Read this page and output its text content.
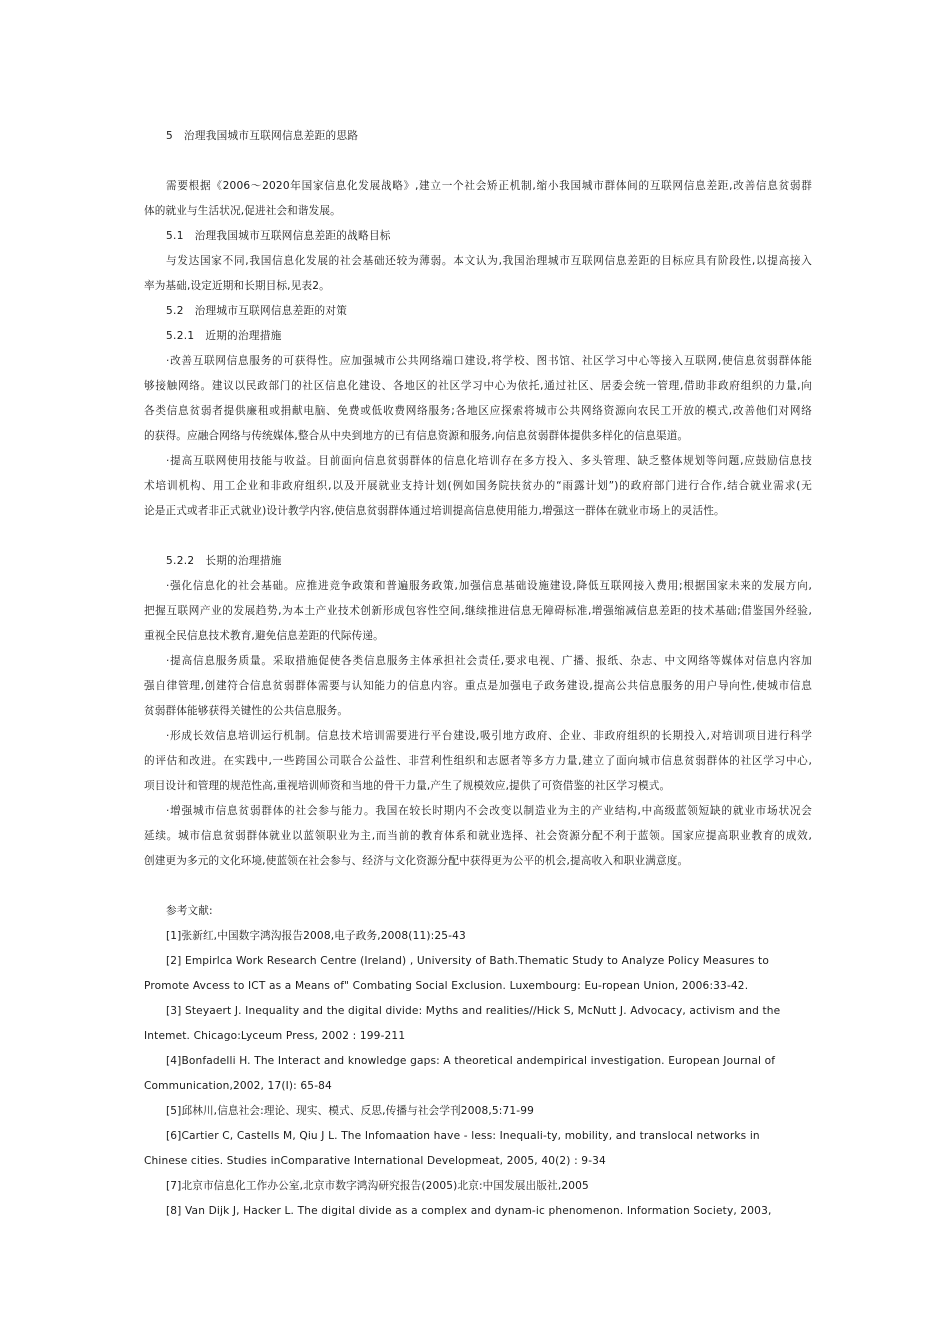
5　治理我国城市互联网信息差距的思路
需要根据《2006～2020年国家信息化发展战略》,建立一个社会矫正机制,缩小我国城市群体间的互联网信息差距,改善信息贫弱群
体的就业与生活状况,促进社会和谐发展。
5.1　治理我国城市互联网信息差距的战略目标
与发达国家不同,我国信息化发展的社会基础还较为薄弱。本文认为,我国治理城市互联网信息差距的目标应具有阶段性,以提高接入
率为基础,设定近期和长期目标,见表2。
5.2　治理城市互联网信息差距的对策
5.2.1　近期的治理措施
·改善互联网信息服务的可获得性。应加强城市公共网络端口建设,将学校、图书馆、社区学习中心等接入互联网,使信息贫弱群体能
够接触网络。建议以民政部门的社区信息化建设、各地区的社区学习中心为依托,通过社区、居委会统一管理,借助非政府组织的力量,向
各类信息贫弱者提供廉租或捐献电脑、免费或低收费网络服务;各地区应探索将城市公共网络资源向农民工开放的模式,改善他们对网络
的获得。应融合网络与传统媒体,整合从中央到地方的已有信息资源和服务,向信息贫弱群体提供多样化的信息渠道。
·提高互联网使用技能与收益。目前面向信息贫弱群体的信息化培训存在多方投入、多头管理、缺乏整体规划等问题,应鼓励信息技
术培训机构、用工企业和非政府组织,以及开展就业支持计划(例如国务院扶贫办的“雨露计划”)的政府部门进行合作,结合就业需求(无
论是正式或者非正式就业)设计教学内容,使信息贫弱群体通过培训提高信息使用能力,增强这一群体在就业市场上的灵活性。
5.2.2　长期的治理措施
·强化信息化的社会基础。应推进竞争政策和普遍服务政策,加强信息基础设施建设,降低互联网接入费用;根据国家未来的发展方向,
把握互联网产业的发展趋势,为本土产业技术创新形成包容性空间,继续推进信息无障碍标准,增强缩减信息差距的技术基础;借鉴国外经验,
重视全民信息技术教育,避免信息差距的代际传递。
·提高信息服务质量。采取措施促使各类信息服务主体承担社会责任,要求电视、广播、报纸、杂志、中文网络等媒体对信息内容加
强自律管理,创建符合信息贫弱群体需要与认知能力的信息内容。重点是加强电子政务建设,提高公共信息服务的用户导向性,使城市信息
贫弱群体能够获得关键性的公共信息服务。
·形成长效信息培训运行机制。信息技术培训需要进行平台建设,吸引地方政府、企业、非政府组织的长期投入,对培训项目进行科学
的评估和改进。在实践中,一些跨国公司联合公益性、非营利性组织和志愿者等多方力量,建立了面向城市信息贫弱群体的社区学习中心,
项目设计和管理的规范性高,重视培训师资和当地的骨干力量,产生了规模效应,提供了可资借鉴的社区学习模式。
·增强城市信息贫弱群体的社会参与能力。我国在较长时期内不会改变以制造业为主的产业结构,中高级蓝领短缺的就业市场状况会
延续。城市信息贫弱群体就业以蓝领职业为主,而当前的教育体系和就业选择、社会资源分配不利于蓝领。国家应提高职业教育的成效,
创建更为多元的文化环境,使蓝领在社会参与、经济与文化资源分配中获得更为公平的机会,提高收入和职业满意度。
参考文献:
[1]张新红,中国数字鸿沟报告2008,电子政务,2008(11):25-43
[2] Empirlca Work Research Centre (Ireland) , University of Bath.Thematic Study to Analyze Policy Measures to
Promote Avcess to ICT as a Means of" Combating Social Exclusion. Luxembourg: Eu-ropean Union, 2006:33-42.
[3] Steyaert J. Inequality and the digital divide: Myths and realities//Hick S, McNutt J. Advocacy, activism and the
Intemet. Chicago:Lyceum Press, 2002 : 199-211
[4]Bonfadelli H. The Interact and knowledge gaps: A theoretical andempirical investigation. European Journal of
Communication,2002, 17(I): 65-84
[5]邱林川,信息社会:理论、现实、模式、反思,传播与社会学刊2008,5:71-99
[6]Cartier C, Castells M, Qiu J L. The Infomaation have - less: Inequali-ty, mobility, and translocal networks in
Chinese cities. Studies inComparative International Developmeat, 2005, 40(2) : 9-34
[7]北京市信息化工作办公室,北京市数字鸿沟研究报告(2005)北京:中国发展出版社,2005
[8] Van Dijk J, Hacker L. The digital divide as a complex and dynam-ic phenomenon. Information Society, 2003,
